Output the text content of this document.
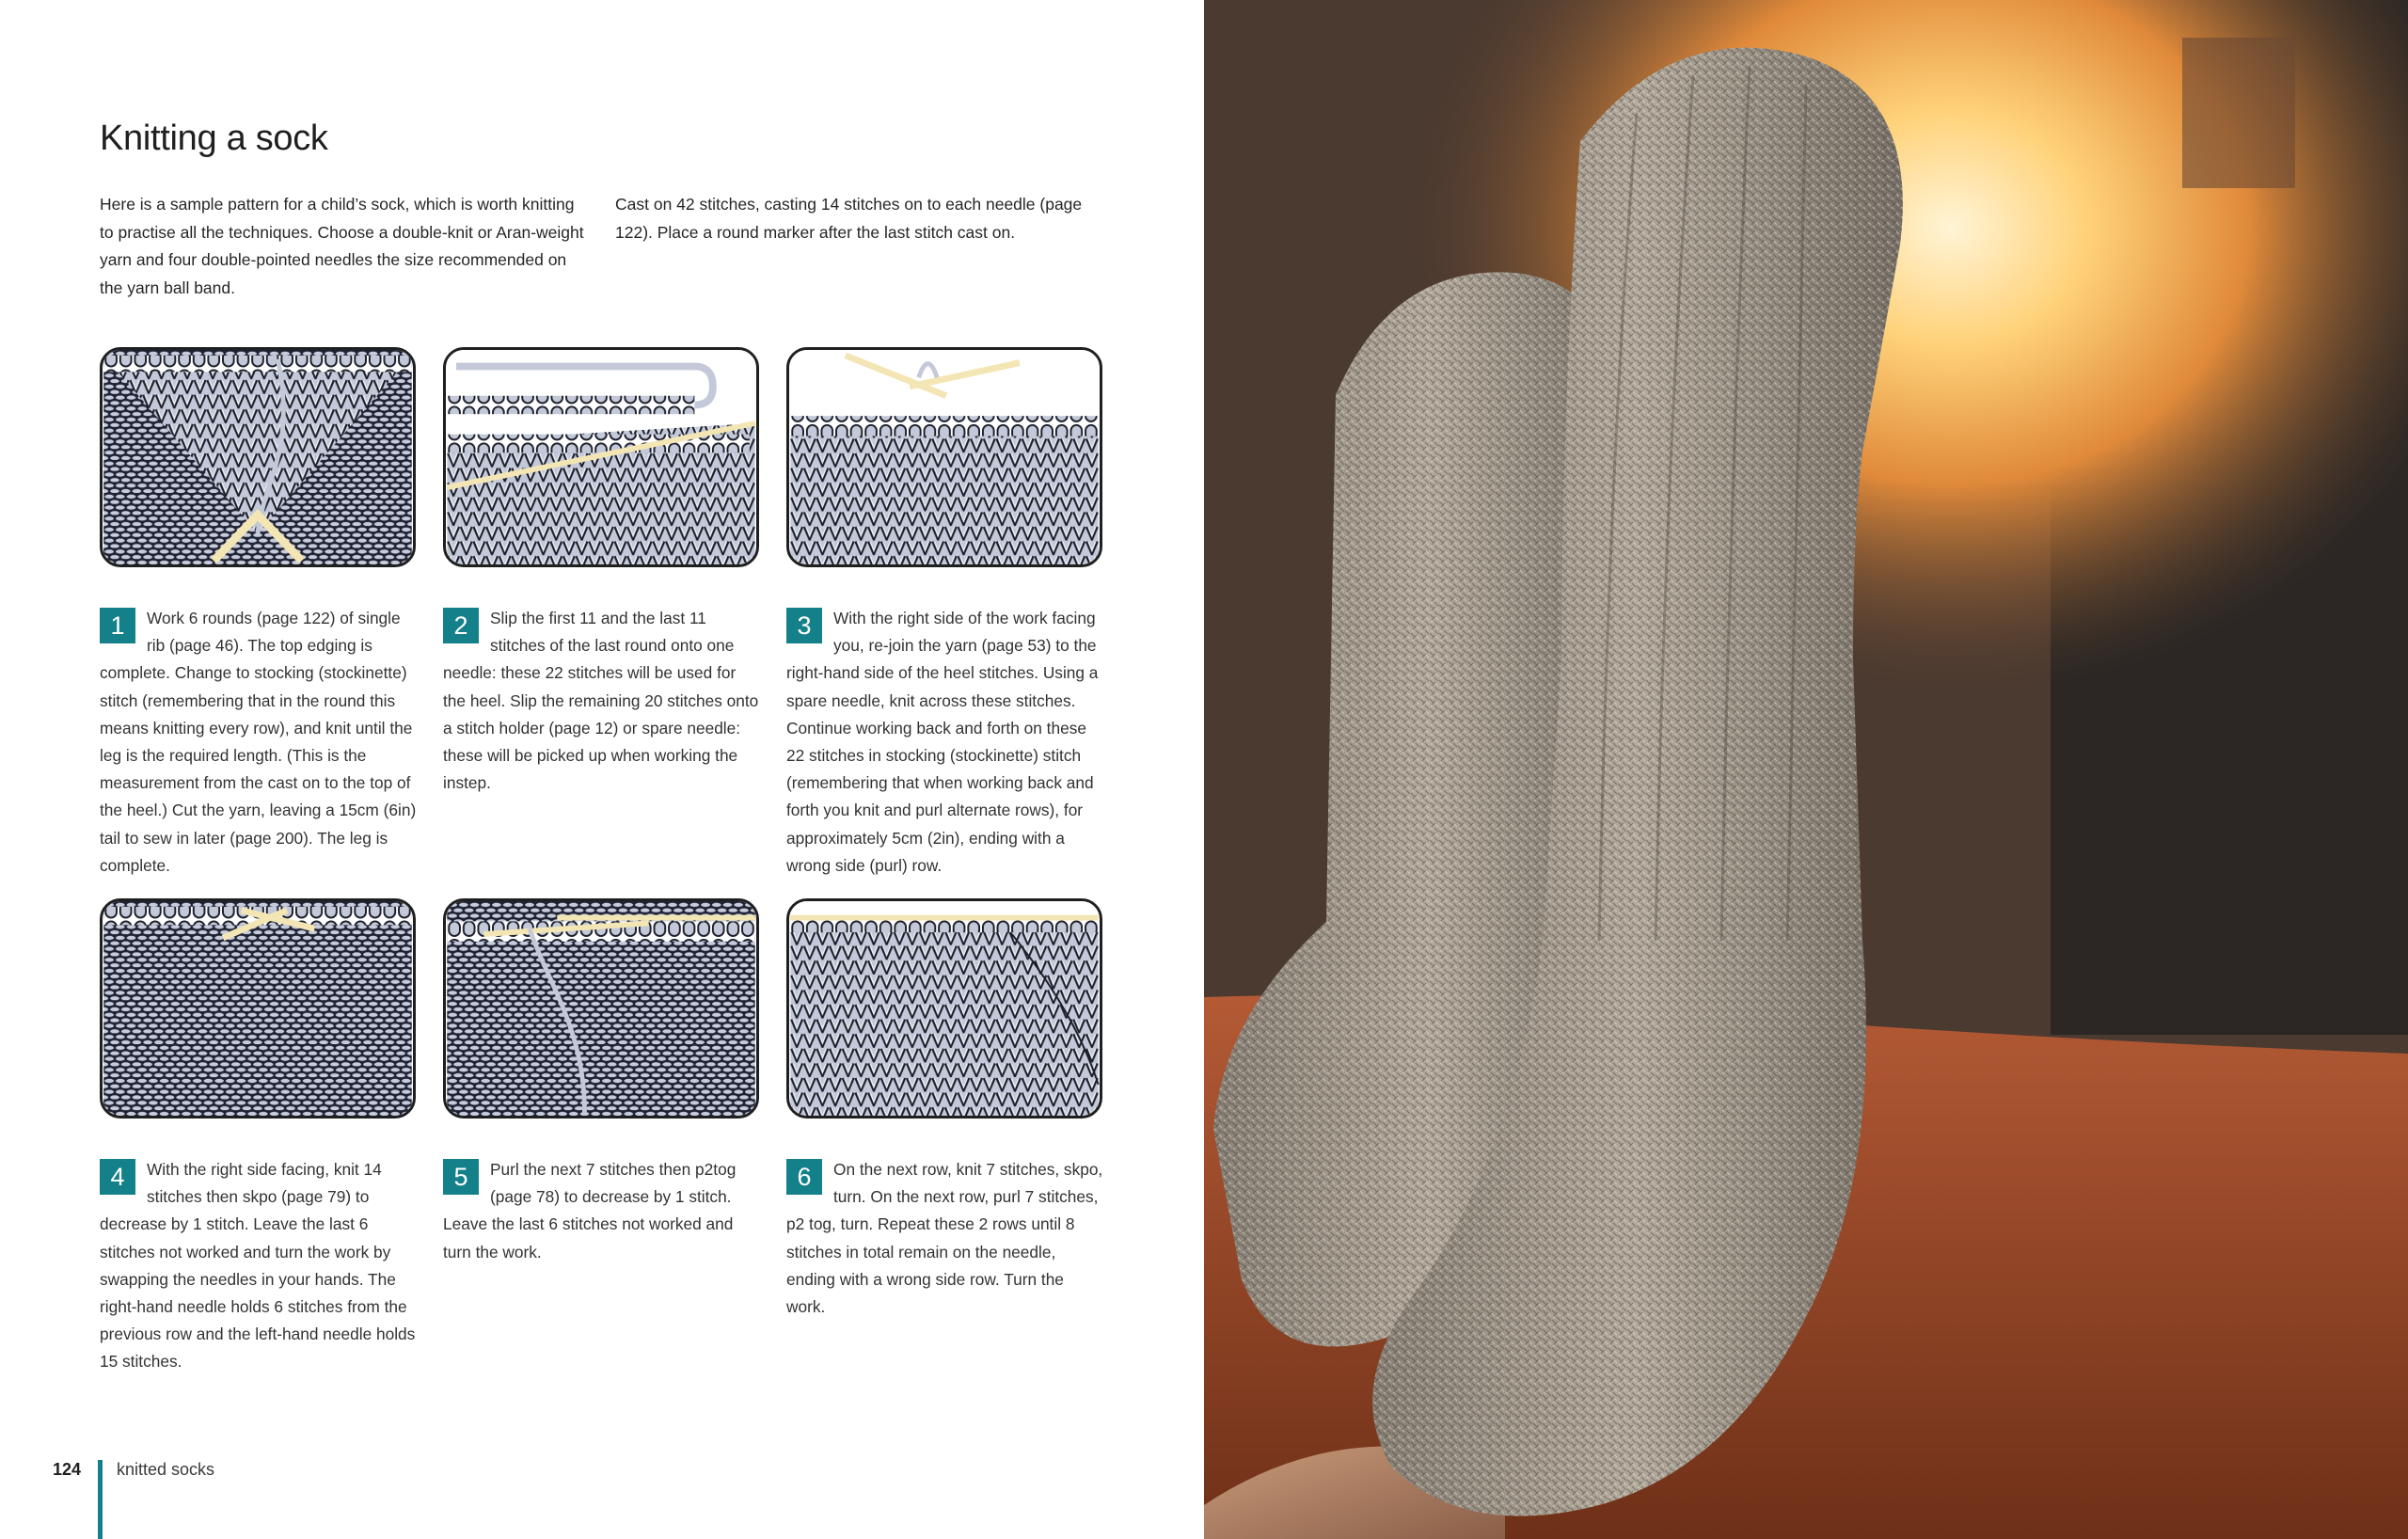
Knitting a sock
Here is a sample pattern for a child’s sock, which is worth knitting to practise all the techniques. Choose a double-knit or Aran-weight yarn and four double-pointed needles the size recommended on the yarn ball band.
Cast on 42 stitches, casting 14 stitches on to each needle (page 122). Place a round marker after the last stitch cast on.
1	Work 6 rounds (page 122) of single rib (page 46). The top edging is complete. Change to stocking (stockinette) stitch (remembering that in the round this means knitting every row), and knit until the leg is the required length. (This is the measurement from the cast on to the top of the heel.) Cut the yarn, leaving a 15cm (6in) tail to sew in later (page 200). The leg is complete.
2	Slip the first 11 and the last 11 stitches of the last round onto one needle: these 22 stitches will be used for the heel. Slip the remaining 20 stitches onto a stitch holder (page 12) or spare needle: these will be picked up when working the instep.
3	With the right side of the work facing you, re-join the yarn (page 53) to the right-hand side of the heel stitches. Using a spare needle, knit across these stitches. Continue working back and forth on these 22 stitches in stocking (stockinette) stitch (remembering that when working back and forth you knit and purl alternate rows), for approximately 5cm (2in), ending with a wrong side (purl) row.
4	With the right side facing, knit 14 stitches then skpo (page 79) to decrease by 1 stitch. Leave the last 6 stitches not worked and turn the work by swapping the needles in your hands. The right-hand needle holds 6 stitches from the previous row and the left-hand needle holds 15 stitches.
5	Purl the next 7 stitches then p2tog (page 78) to decrease by 1 stitch. Leave the last 6 stitches not worked and turn the work.
6	On the next row, knit 7 stitches, skpo, turn. On the next row, purl 7 stitches, p2 tog, turn. Repeat these 2 rows until 8 stitches in total remain on the needle, ending with a wrong side row. Turn the work.
124 knitted socks
